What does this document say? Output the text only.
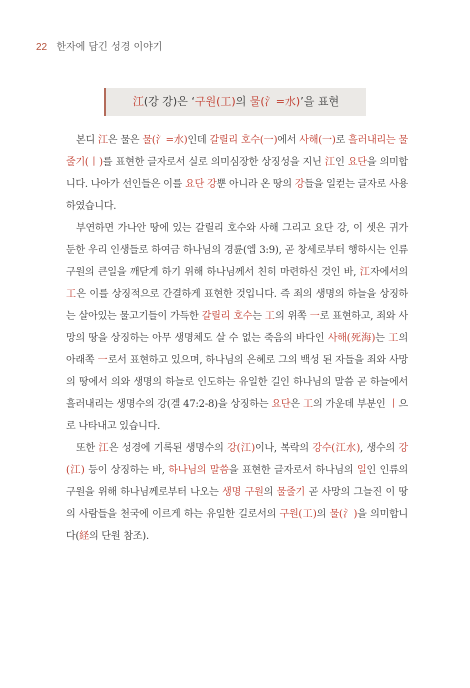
22 한자에 담긴 성경 이야기
江(강 강)은 ‘구원(工)의 물(氵=水)’을 표현

본디 江은 물은 물(氵=水)인데 갈릴리 호수(一)에서 사해(一)로 흘러내리는 물줄기(丨)를 표현한 글자로서 실로 의미심장한 상징성을 지닌 江인 요단을 의미합니다. 나아가 선인들은 이를 요단 강뿐 아니라 온 땅의 강들을 일컫는 글자로 사용하였습니다.

부연하면 가나안 땅에 있는 갈릴리 호수와 사해 그리고 요단 강, 이 셋은 귀가 둔한 우리 인생들로 하여금 하나님의 경륜(엡 3:9), 곧 창세로부터 행하시는 인류구원의 큰일을 깨닫게 하기 위해 하나님께서 친히 마련하신 것인 바, 江자에서의 工은 이를 상징적으로 간결하게 표현한 것입니다. 즉 죄의 생명의 하늘을 상징하는 살아있는 물고기들이 가득한 갈릴리 호수는 工의 위쪽 一로 표현하고, 죄와 사망의 땅을 상징하는 아무 생명체도 살 수 없는 죽음의 바다인 사해(死海)는 工의 아래쪽 一로서 표현하고 있으며, 하나님의 은혜로 그의 백성 된 자들을 죄와 사망의 땅에서 의와 생명의 하늘로 인도하는 유일한 길인 하나님의 말씀 곧 하늘에서 흘러내리는 생명수의 강(겔 47:2-8)을 상징하는 요단은 工의 가운데 부분인 丨으로 나타내고 있습니다.

또한 江은 성경에 기록된 생명수의 강(江)이나, 복락의 강수(江水), 생수의 강(江) 등이 상징하는 바, 하나님의 말씀을 표현한 글자로서 하나님의 일인 인류의 구원을 위해 하나님께로부터 나오는 생명 구원의 물줄기 곧 사망의 그늘진 이 땅의 사람들을 천국에 이르게 하는 유일한 길로서의 구원(工)의 물(氵)을 의미합니다(経의 단원 참조).
